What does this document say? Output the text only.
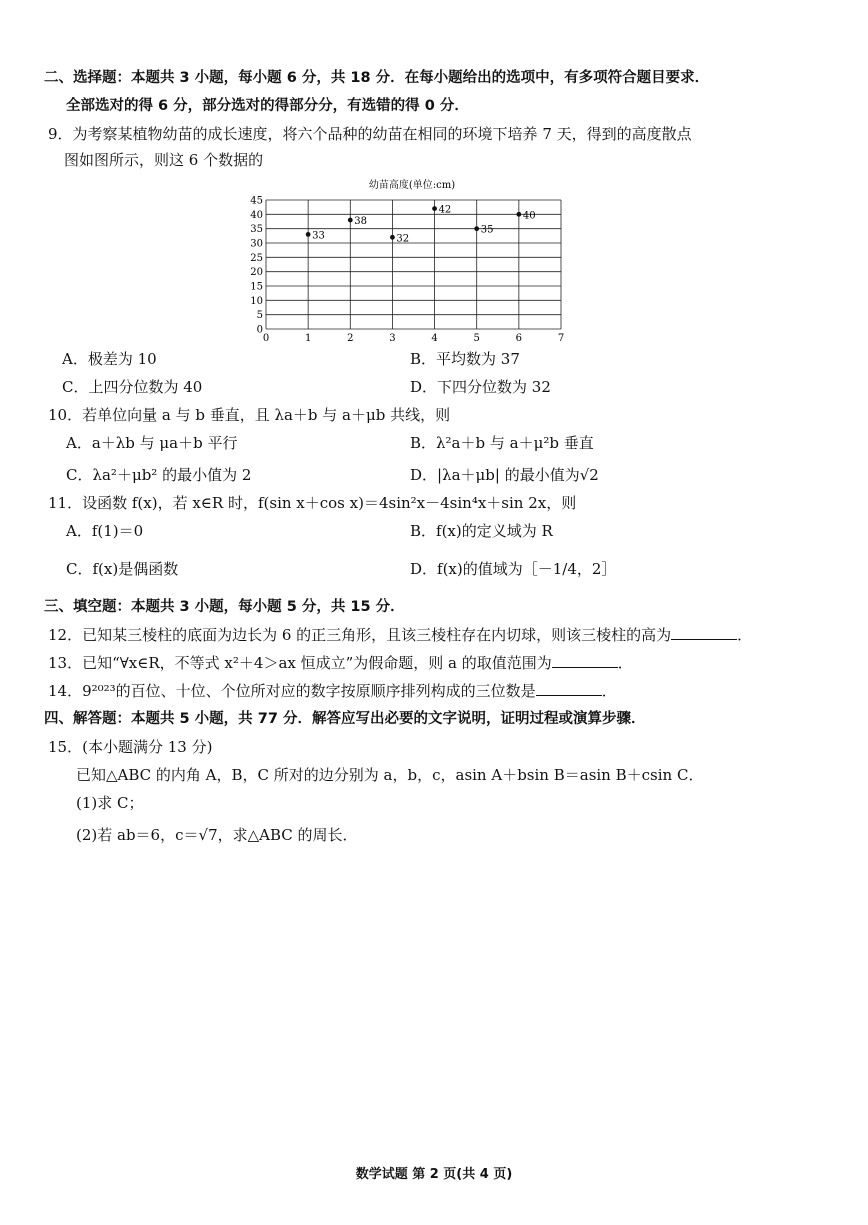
二、选择题：本题共 3 小题，每小题 6 分，共 18 分．在每小题给出的选项中，有多项符合题目要求．
全部选对的得 6 分，部分选对的得部分分，有选错的得 0 分．
9．为考察某植物幼苗的成长速度，将六个品种的幼苗在相同的环境下培养 7 天，得到的高度散点
图如图所示，则这 6 个数据的
幼苗高度(单位:cm)
0
5
10
15
20
25
30
35
40
45
0	1	2	3	4	5	6	7
33
38
32
42
35
40
A．极差为 10	B．平均数为 37
C．上四分位数为 40	D．下四分位数为 32
10．若单位向量 a 与 b 垂直，且 λa＋b 与 a＋μb 共线，则
A．a＋λb 与 μa＋b 平行	B．λ²a＋b 与 a＋μ²b 垂直
C．λa²＋μb² 的最小值为 2	D．|λa＋μb| 的最小值为√2
11．设函数 f(x)，若 x∈R 时，f(sin x＋cos x)＝4sin²x－4sin⁴x＋sin 2x，则
A．f(1)＝0	B．f(x)的定义域为 R
C．f(x)是偶函数	D．f(x)的值域为［－1/4，2］
三、填空题：本题共 3 小题，每小题 5 分，共 15 分．
12．已知某三棱柱的底面为边长为 6 的正三角形，且该三棱柱存在内切球，则该三棱柱的高为	．
13．已知“∀x∈R，不等式 x²＋4＞ax 恒成立”为假命题，则 a 的取值范围为	．
14．9²⁰²³的百位、十位、个位所对应的数字按原顺序排列构成的三位数是	．
四、解答题：本题共 5 小题，共 77 分．解答应写出必要的文字说明，证明过程或演算步骤．
15．(本小题满分 13 分)
已知△ABC 的内角 A，B，C 所对的边分别为 a，b，c，asin A＋bsin B＝asin B＋csin C．
(1)求 C；
(2)若 ab＝6，c＝√7，求△ABC 的周长．
数学试题 第 2 页(共 4 页)
